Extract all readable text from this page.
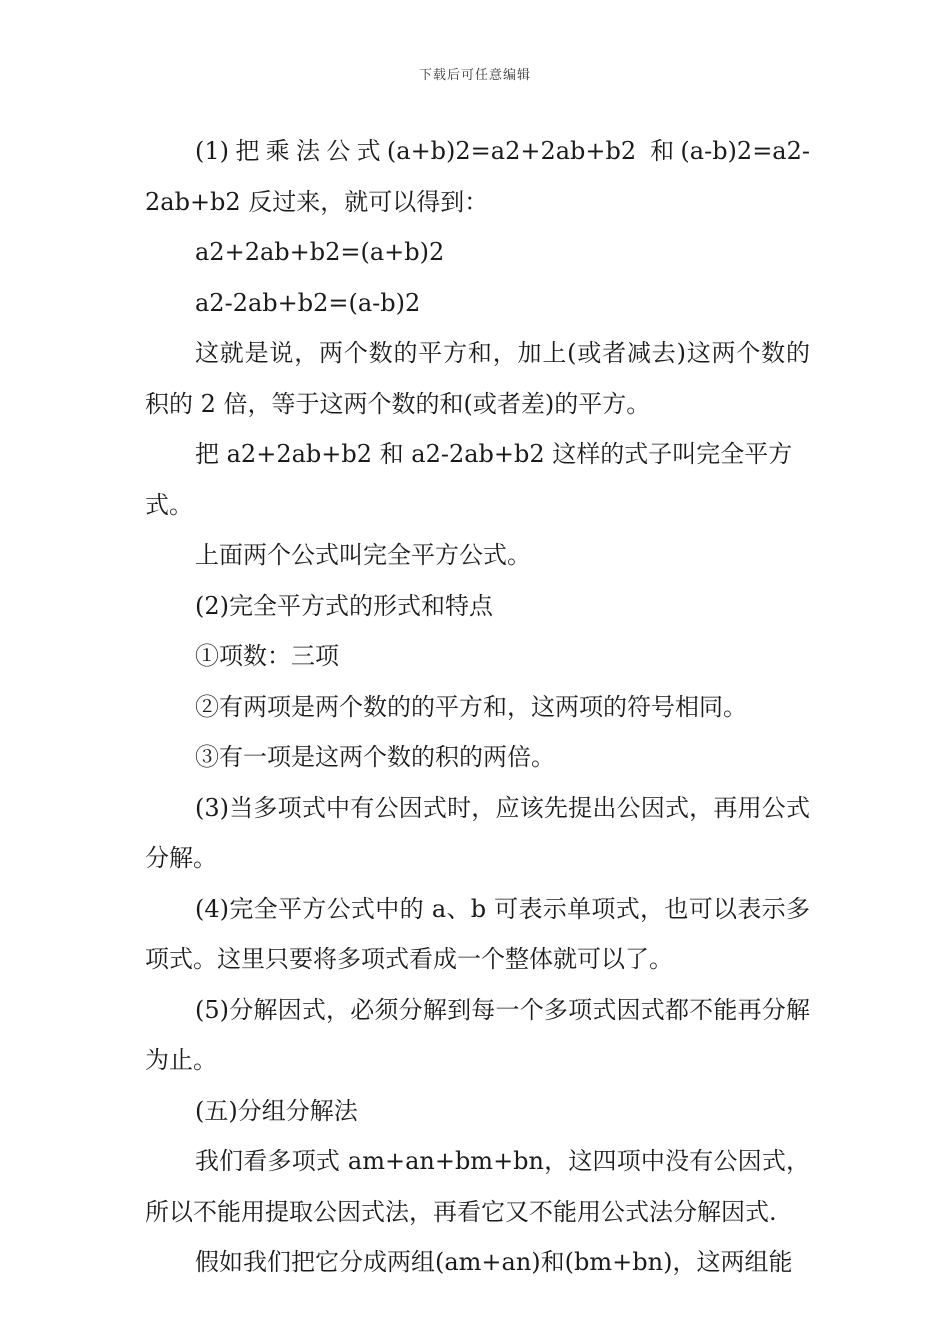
下载后可任意编辑

(1)把乘法公式(a+b)2=a2+2ab+b2 和(a-b)2=a2-2ab+b2 反过来，就可以得到：

a2+2ab+b2=(a+b)2

a2-2ab+b2=(a-b)2

这就是说，两个数的平方和，加上(或者减去)这两个数的积的 2 倍，等于这两个数的和(或者差)的平方。

把 a2+2ab+b2 和 a2-2ab+b2 这样的式子叫完全平方式。

上面两个公式叫完全平方公式。

(2)完全平方式的形式和特点

①项数：三项

②有两项是两个数的的平方和，这两项的符号相同。

③有一项是这两个数的积的两倍。

(3)当多项式中有公因式时，应该先提出公因式，再用公式分解。

(4)完全平方公式中的 a、b 可表示单项式，也可以表示多项式。这里只要将多项式看成一个整体就可以了。

(5)分解因式，必须分解到每一个多项式因式都不能再分解为止。

(五)分组分解法

我们看多项式 am+an+bm+bn，这四项中没有公因式，所以不能用提取公因式法，再看它又不能用公式法分解因式.

假如我们把它分成两组(am+an)和(bm+bn)，这两组能
